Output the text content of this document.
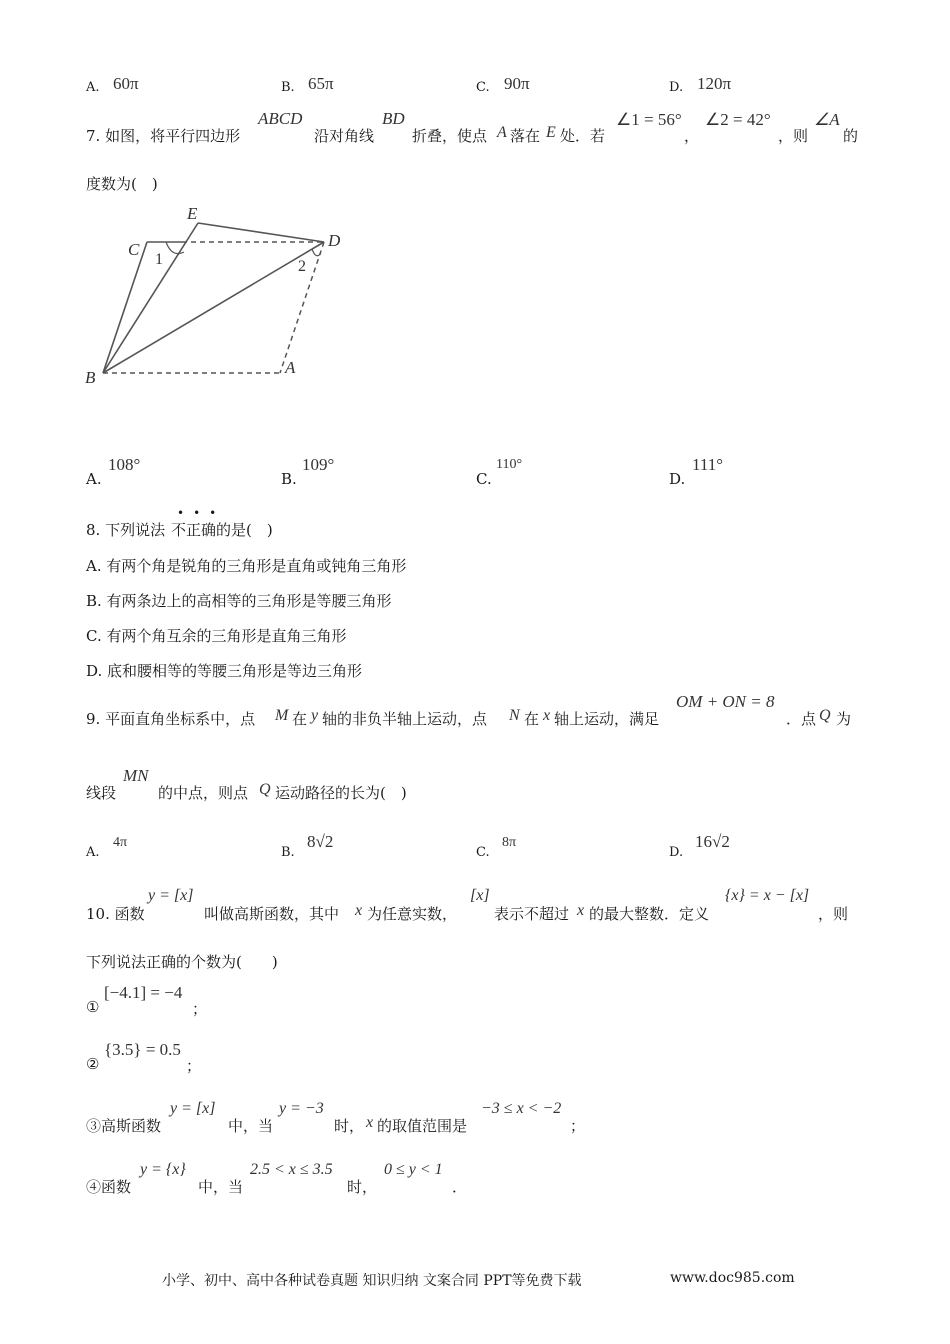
A. 60π	B. 65π	C. 90π	D. 120π
7. 如图，将平行四边形
ABCD
沿对角线
BD
折叠，使点 A 落在 E 处．若
∠1 = 56°
，
∠2 = 42°
，则
∠A
的
度数为(　)
C
E
D
B
A
1	2
A.
108°
B.
109°
C.
110°
D.
111°
8. 下列说法 不正确
•••
的是(　)
A. 有两个角是锐角的三角形是直角或钝角三角形
B. 有两条边上的高相等的三角形是等腰三角形
C. 有两个角互余的三角形是直角三角形
D. 底和腰相等的等腰三角形是等边三角形
9. 平面直角坐标系中，点 M 在 y 轴的非负半轴上运动，点 N 在 x 轴上运动，满足
OM + ON = 8
．点 Q 为
线段
MN
的中点，则点 Q 运动路径的长为(　)
A.
4π
B.
8√2
C.
8π
D.
16√2
10. 函数
y = [x]
叫做高斯函数，其中 x 为任意实数，
[x]
表示不超过 x 的最大整数．定义
{x} = x − [x]
，则
下列说法正确的个数为(　　)
①
[−4.1] = −4
；
②
{3.5} = 0.5
；
③高斯函数
y = [x]
中，当
y = −3
时， x 的取值范围是
−3 ≤ x < −2
；
④函数
y = {x}
中，当
2.5 < x ≤ 3.5
时，
0 ≤ y < 1
．
小学、初中、高中各种试卷真题 知识归纳 文案合同 PPT等免费下载	www.doc985.com
